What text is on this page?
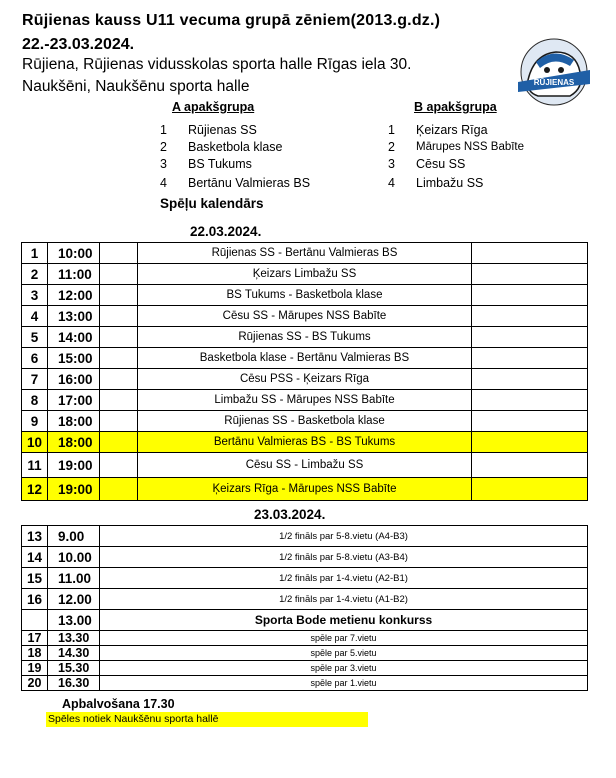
Rūjienas kauss U11 vecuma grupā zēniem(2013.g.dz.)
22.-23.03.2024.
Rūjiena, Rūjienas vidusskolas sporta halle Rīgas iela 30.
Naukšēni, Naukšēnu sporta halle	RŪJIENAS
A apakšgrupa
1 Rūjienas SS
2 Basketbola klase
3 BS Tukums
4 Bertānu Valmieras BS
B apakšgrupa
1 Ķeizars Rīga
2 Mārupes NSS Babīte
3 Cēsu SS
4 Limbažu SS
Spēļu kalendārs
22.03.2024.
1	10:00		Rūjienas SS - Bertānu Valmieras BS	
2	11:00		Ķeizars Limbažu SS	
3	12:00		BS Tukums - Basketbola klase	
4	13:00		Cēsu SS - Mārupes NSS Babīte	
5	14:00		Rūjienas SS - BS Tukums	
6	15:00		Basketbola klase - Bertānu Valmieras BS	
7	16:00		Cēsu PSS - Ķeizars Rīga	
8	17:00		Limbažu SS - Mārupes NSS Babīte	
9	18:00		Rūjienas SS - Basketbola klase	
10	18:00		Bertānu Valmieras BS - BS Tukums	
11	19:00		Cēsu SS - Limbažu SS	
12	19:00		Ķeizars Rīga - Mārupes NSS Babīte	
23.03.2024.
13	9.00	1/2 fināls par 5-8.vietu (A4-B3)
14	10.00	1/2 fināls par 5-8.vietu (A3-B4)
15	11.00	1/2 fināls par 1-4.vietu (A2-B1)
16	12.00	1/2 fināls par 1-4.vietu (A1-B2)
	13.00	Sporta Bode metienu konkurss
17	13.30	spēle par 7.vietu
18	14.30	spēle par 5.vietu
19	15.30	spēle par 3.vietu
20	16.30	spēle par 1.vietu
Apbalvošana 17.30
Spēles notiek Naukšēnu sporta hallē
